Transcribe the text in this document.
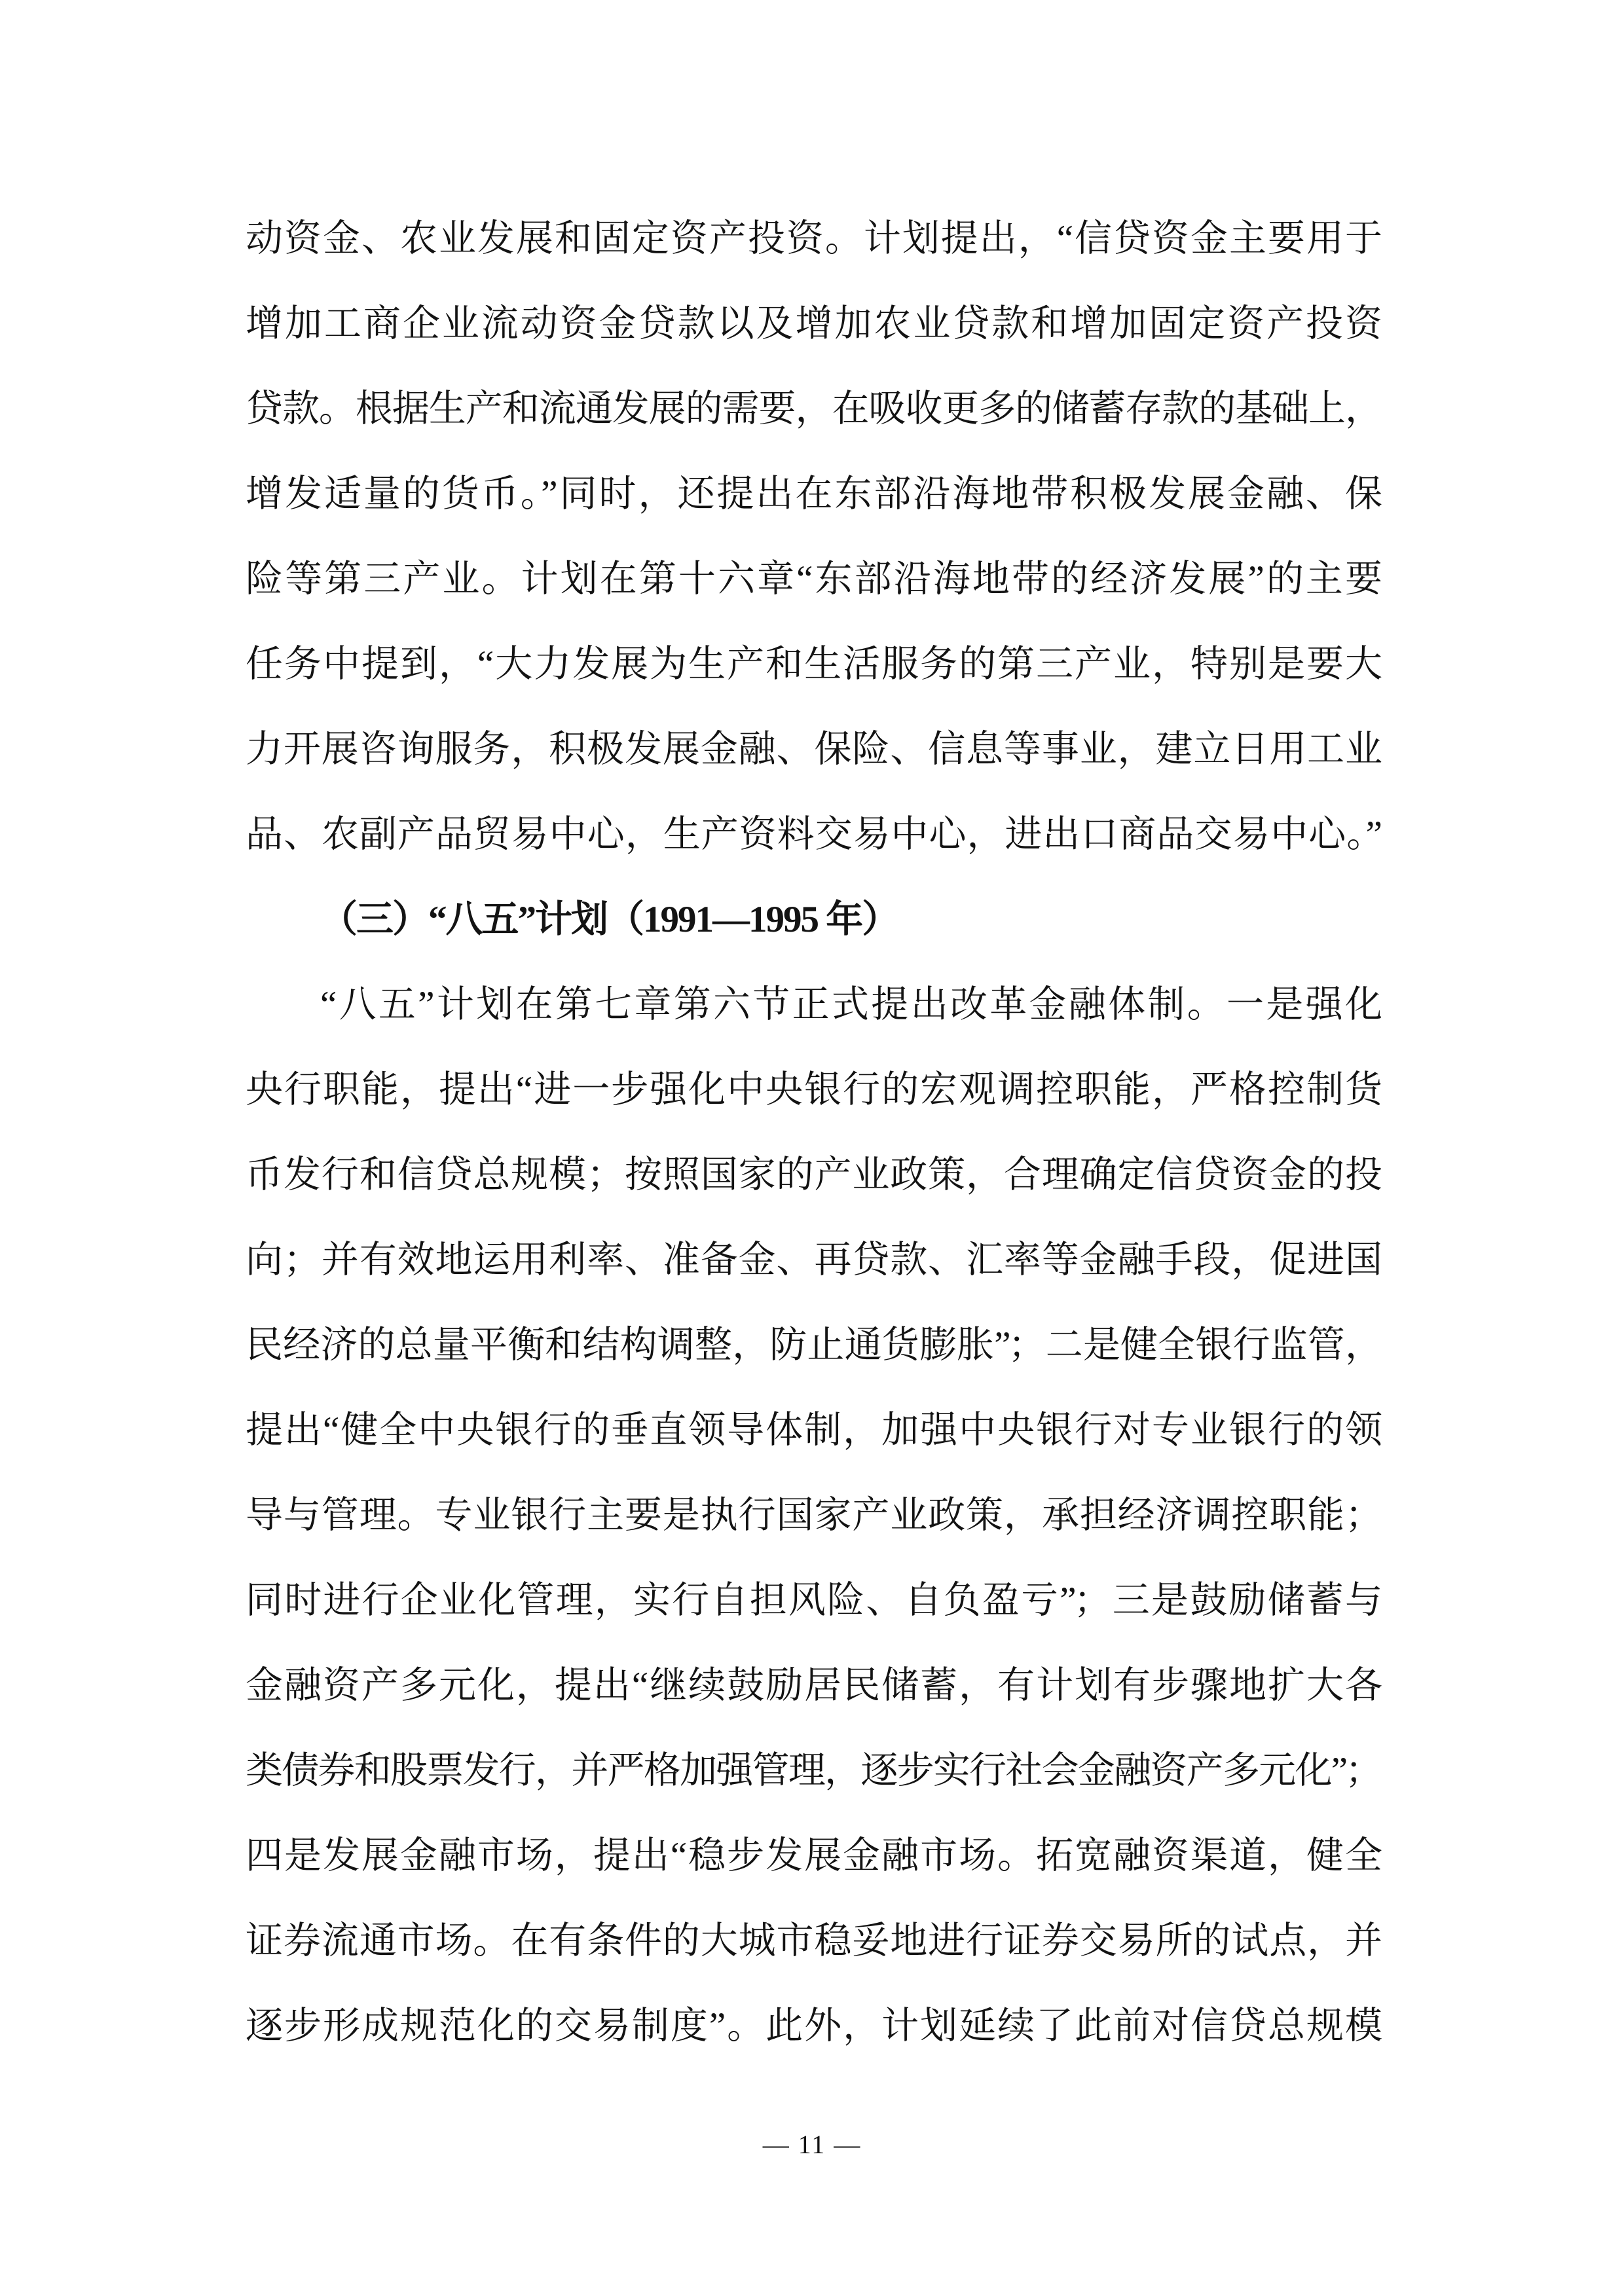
动资金、农业发展和固定资产投资。计划提出，“信贷资金主要用于
增加工商企业流动资金贷款以及增加农业贷款和增加固定资产投资
贷款。根据生产和流通发展的需要，在吸收更多的储蓄存款的基础上，
增发适量的货币。”同时，还提出在东部沿海地带积极发展金融、保
险等第三产业。计划在第十六章“东部沿海地带的经济发展”的主要
任务中提到，“大力发展为生产和生活服务的第三产业，特别是要大
力开展咨询服务，积极发展金融、保险、信息等事业，建立日用工业
品、农副产品贸易中心，生产资料交易中心，进出口商品交易中心。”
（三）“八五”计划（1991—1995 年）
“八五”计划在第七章第六节正式提出改革金融体制。一是强化
央行职能，提出“进一步强化中央银行的宏观调控职能，严格控制货
币发行和信贷总规模；按照国家的产业政策，合理确定信贷资金的投
向；并有效地运用利率、准备金、再贷款、汇率等金融手段，促进国
民经济的总量平衡和结构调整，防止通货膨胀”；二是健全银行监管，
提出“健全中央银行的垂直领导体制，加强中央银行对专业银行的领
导与管理。专业银行主要是执行国家产业政策，承担经济调控职能；
同时进行企业化管理，实行自担风险、自负盈亏”；三是鼓励储蓄与
金融资产多元化，提出“继续鼓励居民储蓄，有计划有步骤地扩大各
类债券和股票发行，并严格加强管理，逐步实行社会金融资产多元化”；
四是发展金融市场，提出“稳步发展金融市场。拓宽融资渠道，健全
证券流通市场。在有条件的大城市稳妥地进行证券交易所的试点，并
逐步形成规范化的交易制度”。此外，计划延续了此前对信贷总规模
— 11 —
